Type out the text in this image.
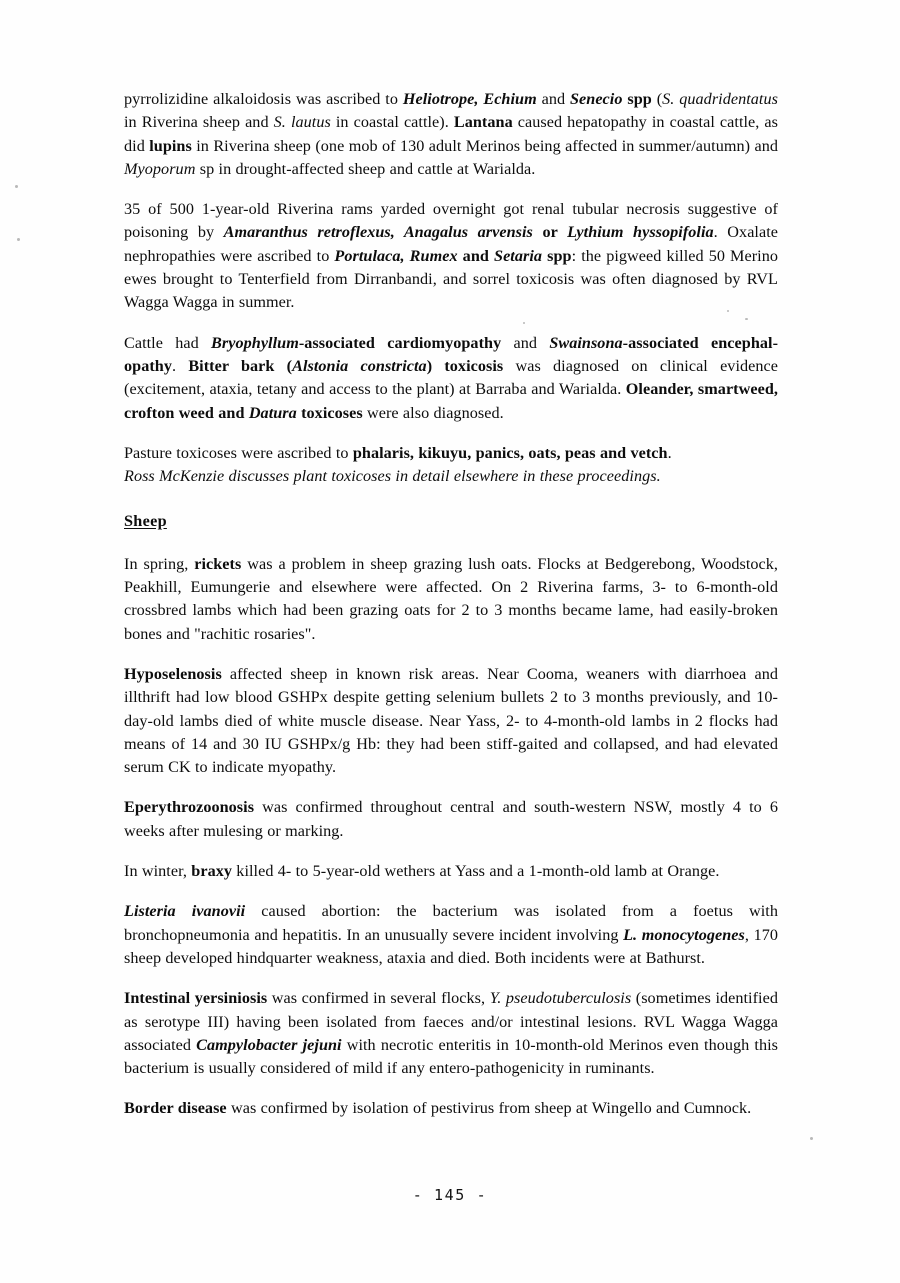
pyrrolizidine alkaloidosis was ascribed to Heliotrope, Echium and Senecio spp (S. quadridentatus in Riverina sheep and S. lautus in coastal cattle). Lantana caused hepatopathy in coastal cattle, as did lupins in Riverina sheep (one mob of 130 adult Merinos being affected in summer/autumn) and Myoporum sp in drought-affected sheep and cattle at Warialda.

35 of 500 1-year-old Riverina rams yarded overnight got renal tubular necrosis suggestive of poisoning by Amaranthus retroflexus, Anagalus arvensis or Lythium hyssopifolia. Oxalate nephropathies were ascribed to Portulaca, Rumex and Setaria spp: the pigweed killed 50 Merino ewes brought to Tenterfield from Dirranbandi, and sorrel toxicosis was often diagnosed by RVL Wagga Wagga in summer.

Cattle had Bryophyllum-associated cardiomyopathy and Swainsona-associated encephal-opathy. Bitter bark (Alstonia constricta) toxicosis was diagnosed on clinical evidence (excitement, ataxia, tetany and access to the plant) at Barraba and Warialda. Oleander, smartweed, crofton weed and Datura toxicoses were also diagnosed.

Pasture toxicoses were ascribed to phalaris, kikuyu, panics, oats, peas and vetch.
Ross McKenzie discusses plant toxicoses in detail elsewhere in these proceedings.

Sheep

In spring, rickets was a problem in sheep grazing lush oats. Flocks at Bedgerebong, Woodstock, Peakhill, Eumungerie and elsewhere were affected. On 2 Riverina farms, 3- to 6-month-old crossbred lambs which had been grazing oats for 2 to 3 months became lame, had easily-broken bones and "rachitic rosaries".

Hyposelenosis affected sheep in known risk areas. Near Cooma, weaners with diarrhoea and illthrift had low blood GSHPx despite getting selenium bullets 2 to 3 months previously, and 10-day-old lambs died of white muscle disease. Near Yass, 2- to 4-month-old lambs in 2 flocks had means of 14 and 30 IU GSHPx/g Hb: they had been stiff-gaited and collapsed, and had elevated serum CK to indicate myopathy.

Eperythrozoonosis was confirmed throughout central and south-western NSW, mostly 4 to 6 weeks after mulesing or marking.

In winter, braxy killed 4- to 5-year-old wethers at Yass and a 1-month-old lamb at Orange.

Listeria ivanovii caused abortion: the bacterium was isolated from a foetus with bronchopneumonia and hepatitis. In an unusually severe incident involving L. monocytogenes, 170 sheep developed hindquarter weakness, ataxia and died. Both incidents were at Bathurst.

Intestinal yersiniosis was confirmed in several flocks, Y. pseudotuberculosis (sometimes identified as serotype III) having been isolated from faeces and/or intestinal lesions. RVL Wagga Wagga associated Campylobacter jejuni with necrotic enteritis in 10-month-old Merinos even though this bacterium is usually considered of mild if any entero-pathogenicity in ruminants.

Border disease was confirmed by isolation of pestivirus from sheep at Wingello and Cumnock.

- 145 -
